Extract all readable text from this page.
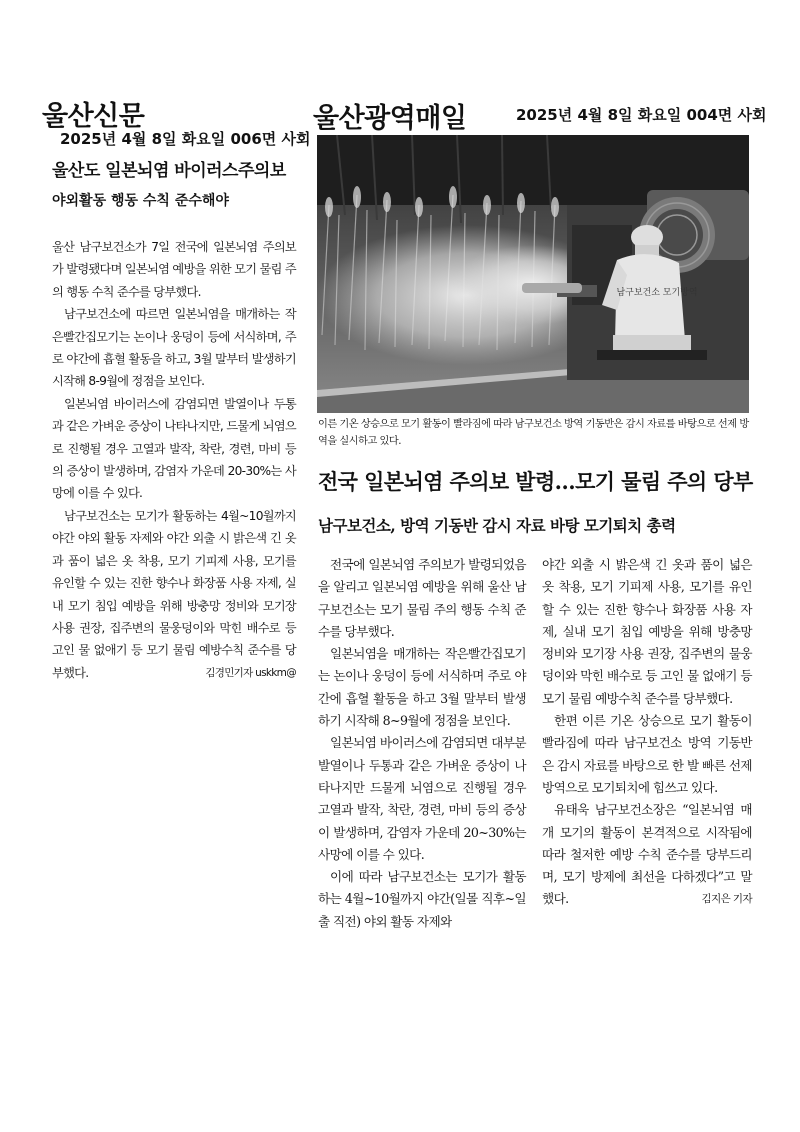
울산신문
2025년 4월 8일 화요일 006면 사회
울산도 일본뇌염 바이러스주의보
야외활동 행동 수칙 준수해야

울산 남구보건소가 7일 전국에 일본뇌염 주의보가 발령됐다며 일본뇌염 예방을 위한 모기 물림 주의 행동 수칙 준수를 당부했다.

남구보건소에 따르면 일본뇌염을 매개하는 작은빨간집모기는 논이나 웅덩이 등에 서식하며, 주로 야간에 흡혈 활동을 하고, 3월 말부터 발생하기 시작해 8-9월에 정점을 보인다.

일본뇌염 바이러스에 감염되면 발열이나 두통과 같은 가벼운 증상이 나타나지만, 드물게 뇌염으로 진행될 경우 고열과 발작, 착란, 경련, 마비 등의 증상이 발생하며, 감염자 가운데 20-30%는 사망에 이를 수 있다.

남구보건소는 모기가 활동하는 4월~10월까지 야간 야외 활동 자제와 야간 외출 시 밝은색 긴 옷과 품이 넓은 옷 착용, 모기 기피제 사용, 모기를 유인할 수 있는 진한 향수나 화장품 사용 자제, 실내 모기 침입 예방을 위해 방충망 정비와 모기장 사용 권장, 집주변의 물웅덩이와 막힌 배수로 등 고인 물 없애기 등 모기 물림 예방수칙 준수를 당부했다.	김경민기자 uskkm@

울산광역매일	2025년 4월 8일 화요일 004면 사회
남구보건소 모기방역
이른 기온 상승으로 모기 활동이 빨라짐에 따라 남구보건소 방역 기동반은 감시 자료를 바탕으로 선제 방역을 실시하고 있다.
전국 일본뇌염 주의보 발령…모기 물림 주의 당부
남구보건소, 방역 기동반 감시 자료 바탕 모기퇴치 총력

전국에 일본뇌염 주의보가 발령되었음을 알리고 일본뇌염 예방을 위해 울산 남구보건소는 모기 물림 주의 행동 수칙 준수를 당부했다.

일본뇌염을 매개하는 작은빨간집모기는 논이나 웅덩이 등에 서식하며 주로 야간에 흡혈 활동을 하고 3월 말부터 발생하기 시작해 8~9월에 정점을 보인다.

일본뇌염 바이러스에 감염되면 대부분 발열이나 두통과 같은 가벼운 증상이 나타나지만 드물게 뇌염으로 진행될 경우 고열과 발작, 착란, 경련, 마비 등의 증상이 발생하며, 감염자 가운데 20~30%는 사망에 이를 수 있다.

이에 따라 남구보건소는 모기가 활동하는 4월~10월까지 야간(일몰 직후~일출 직전) 야외 활동 자제와

야간 외출 시 밝은색 긴 옷과 품이 넓은 옷 착용, 모기 기피제 사용, 모기를 유인할 수 있는 진한 향수나 화장품 사용 자제, 실내 모기 침입 예방을 위해 방충망 정비와 모기장 사용 권장, 집주변의 물웅덩이와 막힌 배수로 등 고인 물 없애기 등 모기 물림 예방수칙 준수를 당부했다.

한편 이른 기온 상승으로 모기 활동이 빨라짐에 따라 남구보건소 방역 기동반은 감시 자료를 바탕으로 한 발 빠른 선제 방역으로 모기퇴치에 힘쓰고 있다.

유태욱 남구보건소장은 “일본뇌염 매개 모기의 활동이 본격적으로 시작됨에 따라 철저한 예방 수칙 준수를 당부드리며, 모기 방제에 최선을 다하겠다”고 말했다.	김지은 기자
